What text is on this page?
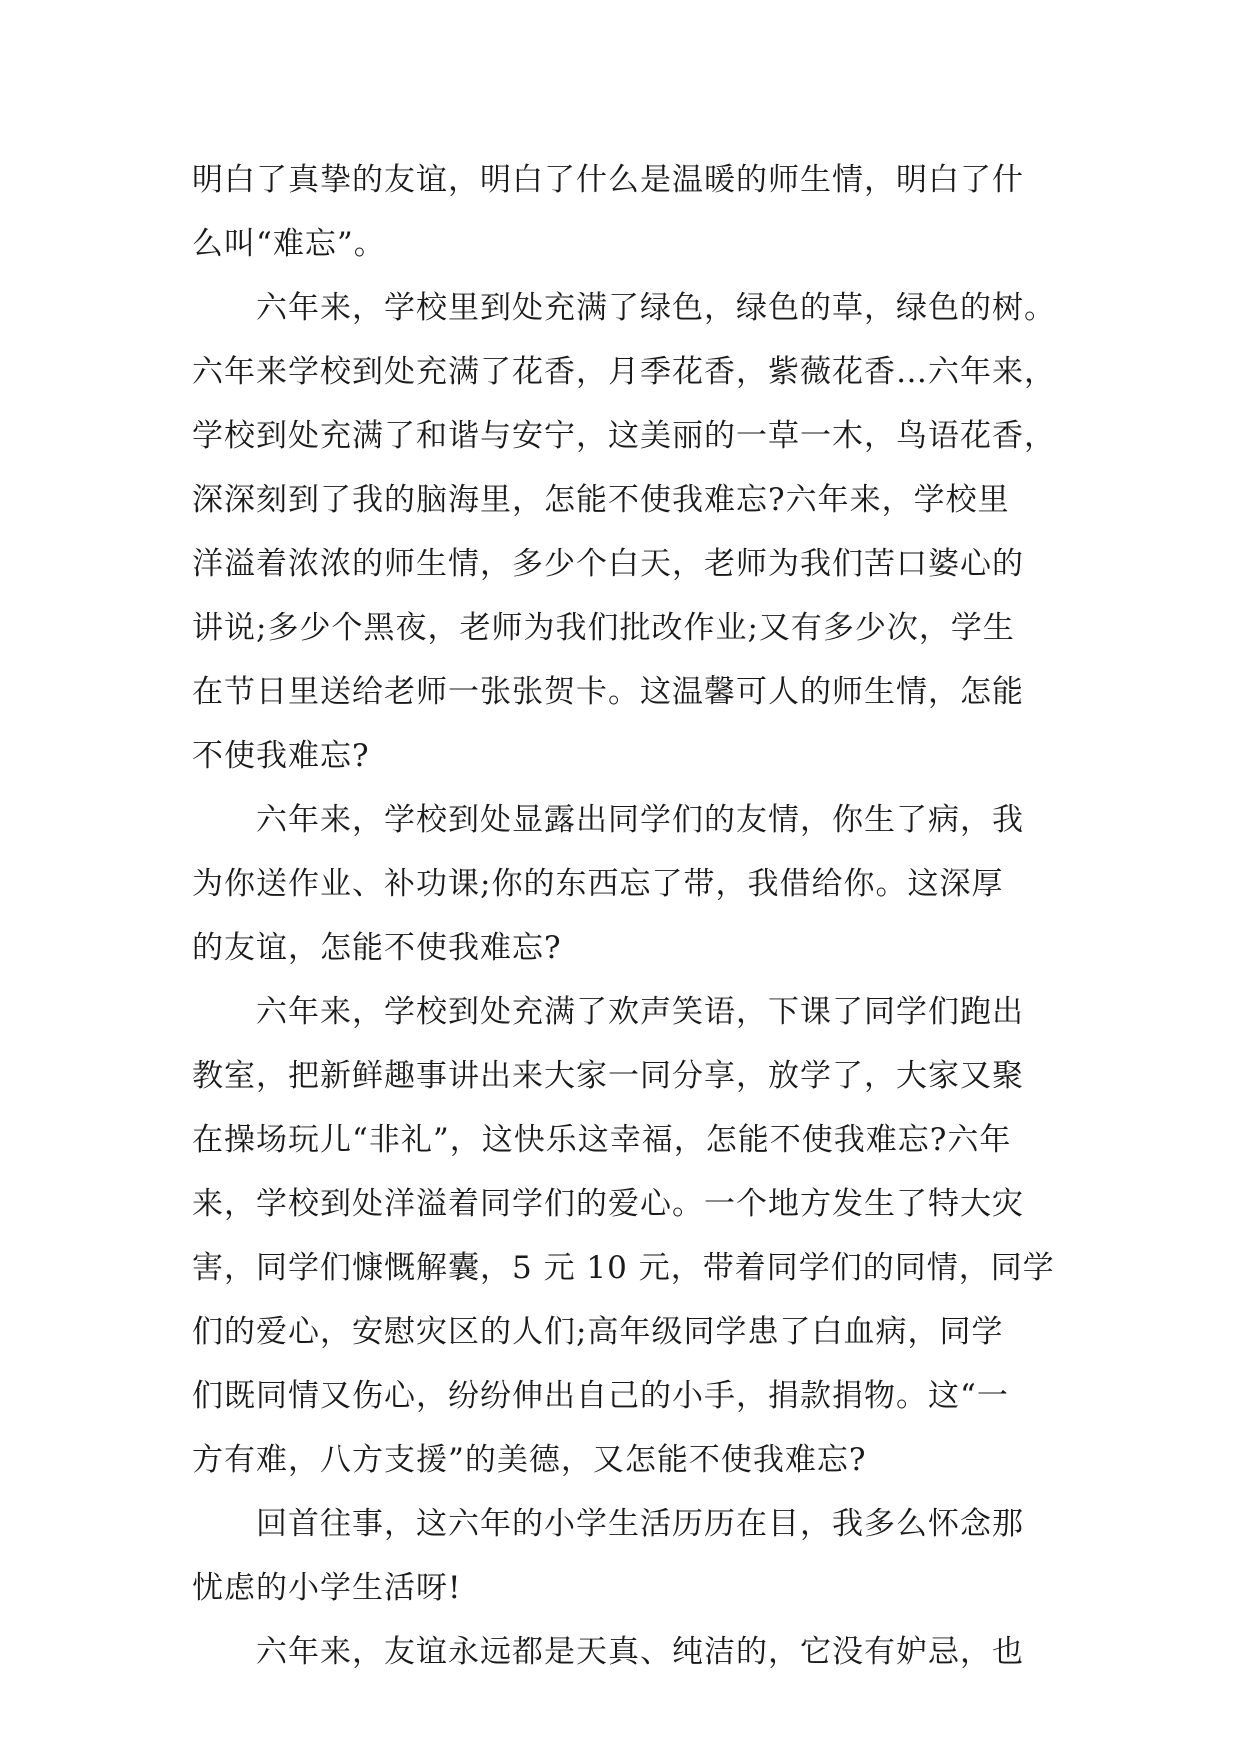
明白了真挚的友谊，明白了什么是温暖的师生情，明白了什
么叫“难忘”。
六年来，学校里到处充满了绿色，绿色的草，绿色的树。
六年来学校到处充满了花香，月季花香，紫薇花香…六年来，
学校到处充满了和谐与安宁，这美丽的一草一木，鸟语花香，
深深刻到了我的脑海里，怎能不使我难忘?六年来，学校里
洋溢着浓浓的师生情，多少个白天，老师为我们苦口婆心的
讲说;多少个黑夜，老师为我们批改作业;又有多少次，学生
在节日里送给老师一张张贺卡。这温馨可人的师生情，怎能
不使我难忘?
六年来，学校到处显露出同学们的友情，你生了病，我
为你送作业、补功课;你的东西忘了带，我借给你。这深厚
的友谊，怎能不使我难忘?
六年来，学校到处充满了欢声笑语，下课了同学们跑出
教室，把新鲜趣事讲出来大家一同分享，放学了，大家又聚
在操场玩儿“非礼”，这快乐这幸福，怎能不使我难忘?六年
来，学校到处洋溢着同学们的爱心。一个地方发生了特大灾
害，同学们慷慨解囊，5 元 10 元，带着同学们的同情，同学
们的爱心，安慰灾区的人们;高年级同学患了白血病，同学
们既同情又伤心，纷纷伸出自己的小手，捐款捐物。这“一
方有难，八方支援”的美德，又怎能不使我难忘?
回首往事，这六年的小学生活历历在目，我多么怀念那
忧虑的小学生活呀!
六年来，友谊永远都是天真、纯洁的，它没有妒忌，也
